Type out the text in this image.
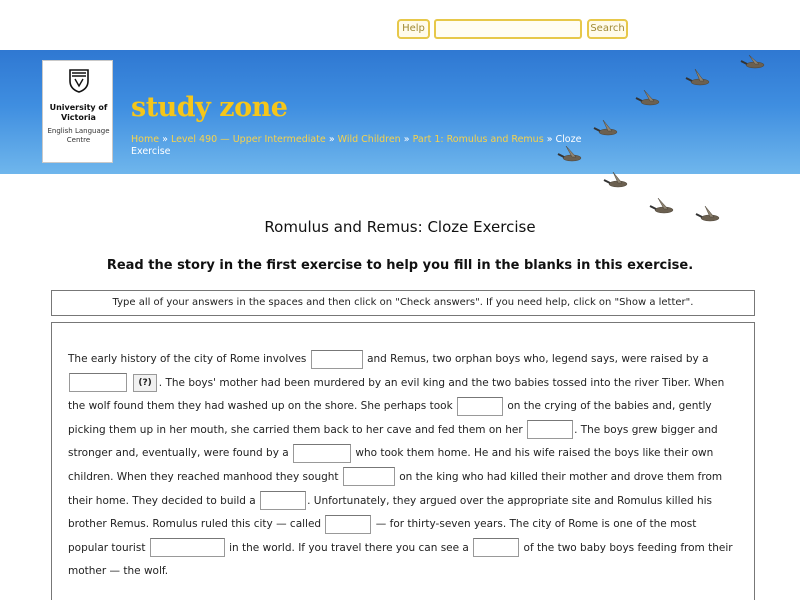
Help	Search
University of Victoria
English Language Centre
study zone
Home » Level 490 — Upper Intermediate » Wild Children » Part 1: Romulus and Remus » Cloze Exercise
Romulus and Remus: Cloze Exercise
Read the story in the first exercise to help you fill in the blanks in this exercise.
Type all of your answers in the spaces and then click on "Check answers". If you need help, click on "Show a letter".
The early history of the city of Rome involves	and Remus, two orphan boys who, legend says, were raised by a  (?) . The boys' mother had been murdered by an evil king and the two babies tossed into the river Tiber. When the wolf found them they had washed up on the shore. She perhaps took	on the crying of the babies and, gently picking them up in her mouth, she carried them back to her cave and fed them on her	. The boys grew bigger and stronger and, eventually, were found by a	who took them home. He and his wife raised the boys like their own children. When they reached manhood they sought	on the king who had killed their mother and drove them from their home. They decided to build a	. Unfortunately, they argued over the appropriate site and Romulus killed his brother Remus. Romulus ruled this city — called	— for thirty-seven years. The city of Rome is one of the most popular tourist	in the world. If you travel there you can see a	of the two baby boys feeding from their mother — the wolf.
